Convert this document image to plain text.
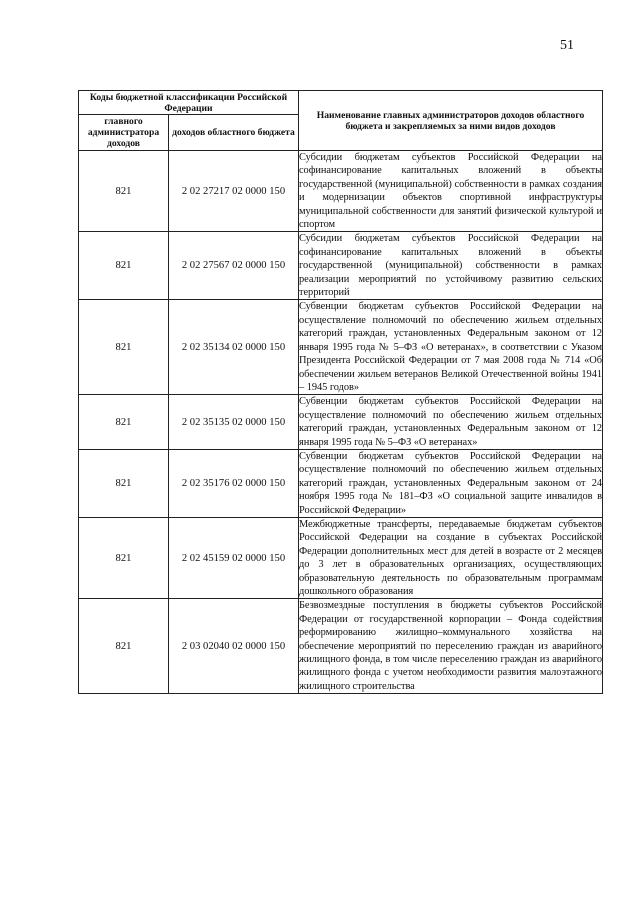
51
Коды бюджетной классификации Российской Федерации		Наименование главных администраторов доходов областного бюджета и закрепляемых за ними видов доходов
главного администратора доходов	доходов областного бюджета	
821	2 02 27217 02 0000 150	Субсидии бюджетам субъектов Российской Федерации на софинансирование капитальных вложений в объекты государственной (муниципальной) собственности в рамках создания и модернизации объектов спортивной инфраструктуры муниципальной собственности для занятий физической культурой и спортом
821	2 02 27567 02 0000 150	Субсидии бюджетам субъектов Российской Федерации на софинансирование капитальных вложений в объекты государственной (муниципальной) собственности в рамках реализации мероприятий по устойчивому развитию сельских территорий
821	2 02 35134 02 0000 150	Субвенции бюджетам субъектов Российской Федерации на осуществление полномочий по обеспечению жильем отдельных категорий граждан, установленных Федеральным законом от 12 января 1995 года № 5–ФЗ «О ветеранах», в соответствии с Указом Президента Российской Федерации от 7 мая 2008 года № 714 «Об обеспечении жильем ветеранов Великой Отечественной войны 1941 – 1945 годов»
821	2 02 35135 02 0000 150	Субвенции бюджетам субъектов Российской Федерации на осуществление полномочий по обеспечению жильем отдельных категорий граждан, установленных Федеральным законом от 12 января 1995 года № 5–ФЗ «О ветеранах»
821	2 02 35176 02 0000 150	Субвенции бюджетам субъектов Российской Федерации на осуществление полномочий по обеспечению жильем отдельных категорий граждан, установленных Федеральным законом от 24 ноября 1995 года № 181–ФЗ «О социальной защите инвалидов в Российской Федерации»
821	2 02 45159 02 0000 150	Межбюджетные трансферты, передаваемые бюджетам субъектов Российской Федерации на создание в субъектах Российской Федерации дополнительных мест для детей в возрасте от 2 месяцев до 3 лет в образовательных организациях, осуществляющих образовательную деятельность по образовательным программам дошкольного образования
821	2 03 02040 02 0000 150	Безвозмездные поступления в бюджеты субъектов Российской Федерации от государственной корпорации – Фонда содействия реформированию жилищно–коммунального хозяйства на обеспечение мероприятий по переселению граждан из аварийного жилищного фонда, в том числе переселению граждан из аварийного жилищного фонда с учетом необходимости развития малоэтажного жилищного строительства
